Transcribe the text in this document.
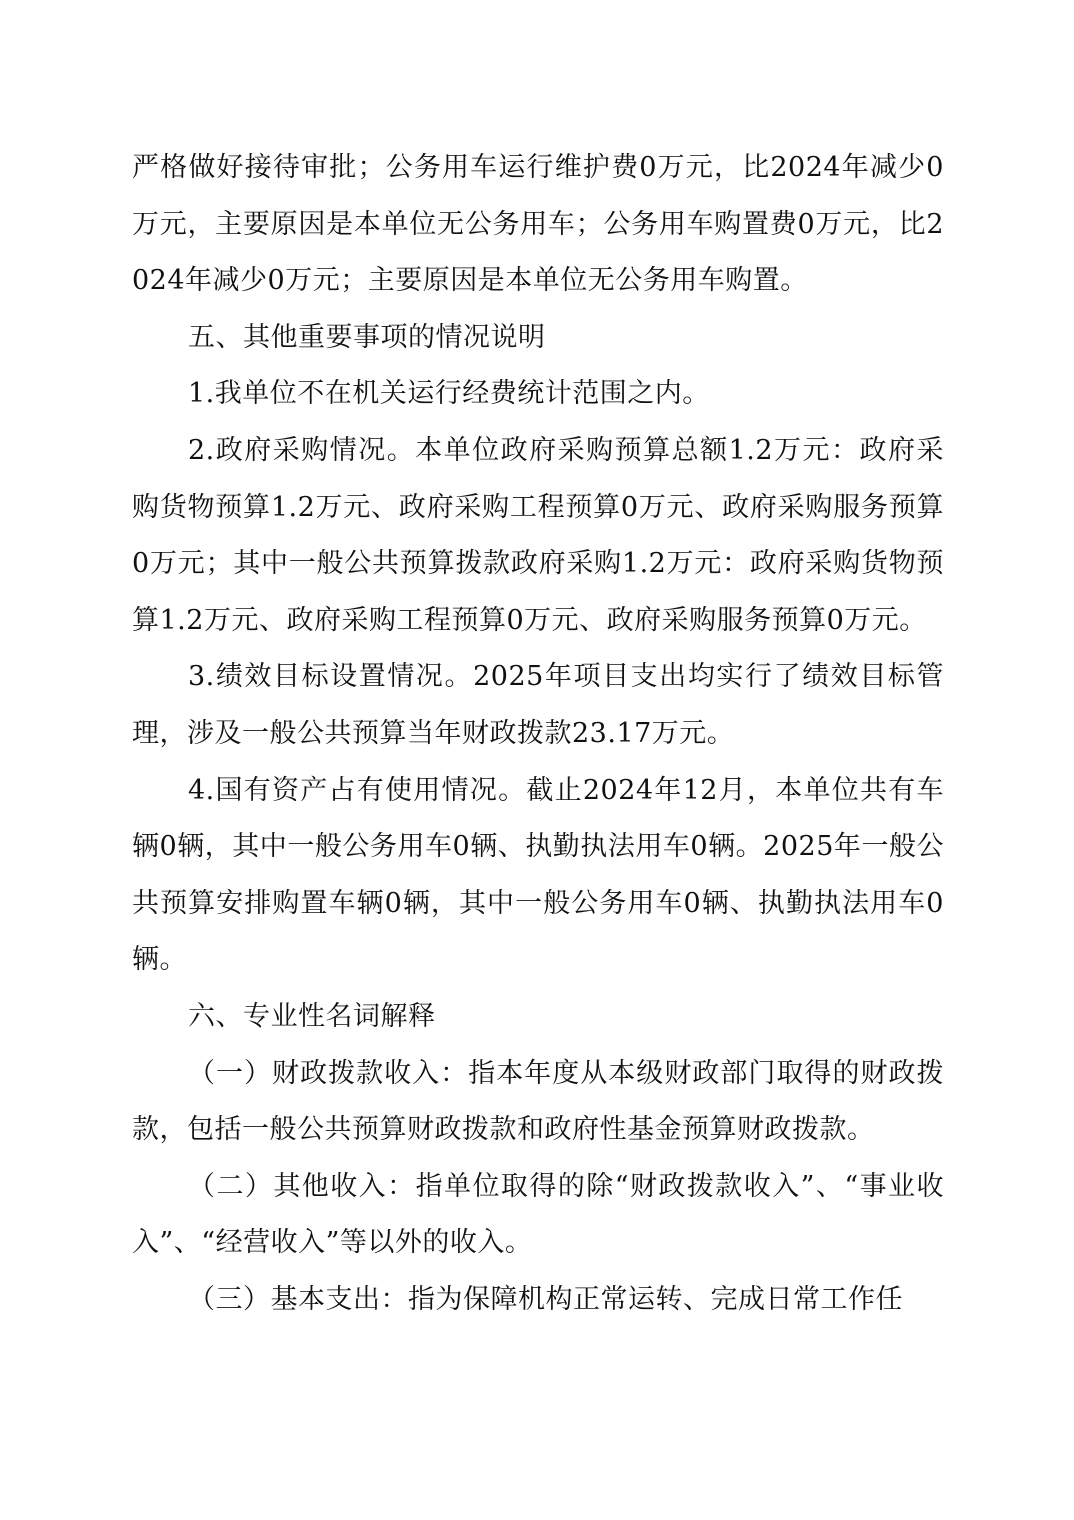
严格做好接待审批；公务用车运行维护费0万元，比2024年减少0万元，主要原因是本单位无公务用车；公务用车购置费0万元，比2024年减少0万元；主要原因是本单位无公务用车购置。

五、其他重要事项的情况说明

1.我单位不在机关运行经费统计范围之内。

2.政府采购情况。本单位政府采购预算总额1.2万元：政府采购货物预算1.2万元、政府采购工程预算0万元、政府采购服务预算0万元；其中一般公共预算拨款政府采购1.2万元：政府采购货物预算1.2万元、政府采购工程预算0万元、政府采购服务预算0万元。

3.绩效目标设置情况。2025年项目支出均实行了绩效目标管理，涉及一般公共预算当年财政拨款23.17万元。

4.国有资产占有使用情况。截止2024年12月，本单位共有车辆0辆，其中一般公务用车0辆、执勤执法用车0辆。2025年一般公共预算安排购置车辆0辆，其中一般公务用车0辆、执勤执法用车0辆。

六、专业性名词解释

（一）财政拨款收入：指本年度从本级财政部门取得的财政拨款，包括一般公共预算财政拨款和政府性基金预算财政拨款。

（二）其他收入：指单位取得的除“财政拨款收入”、“事业收入”、“经营收入”等以外的收入。

（三）基本支出：指为保障机构正常运转、完成日常工作任
